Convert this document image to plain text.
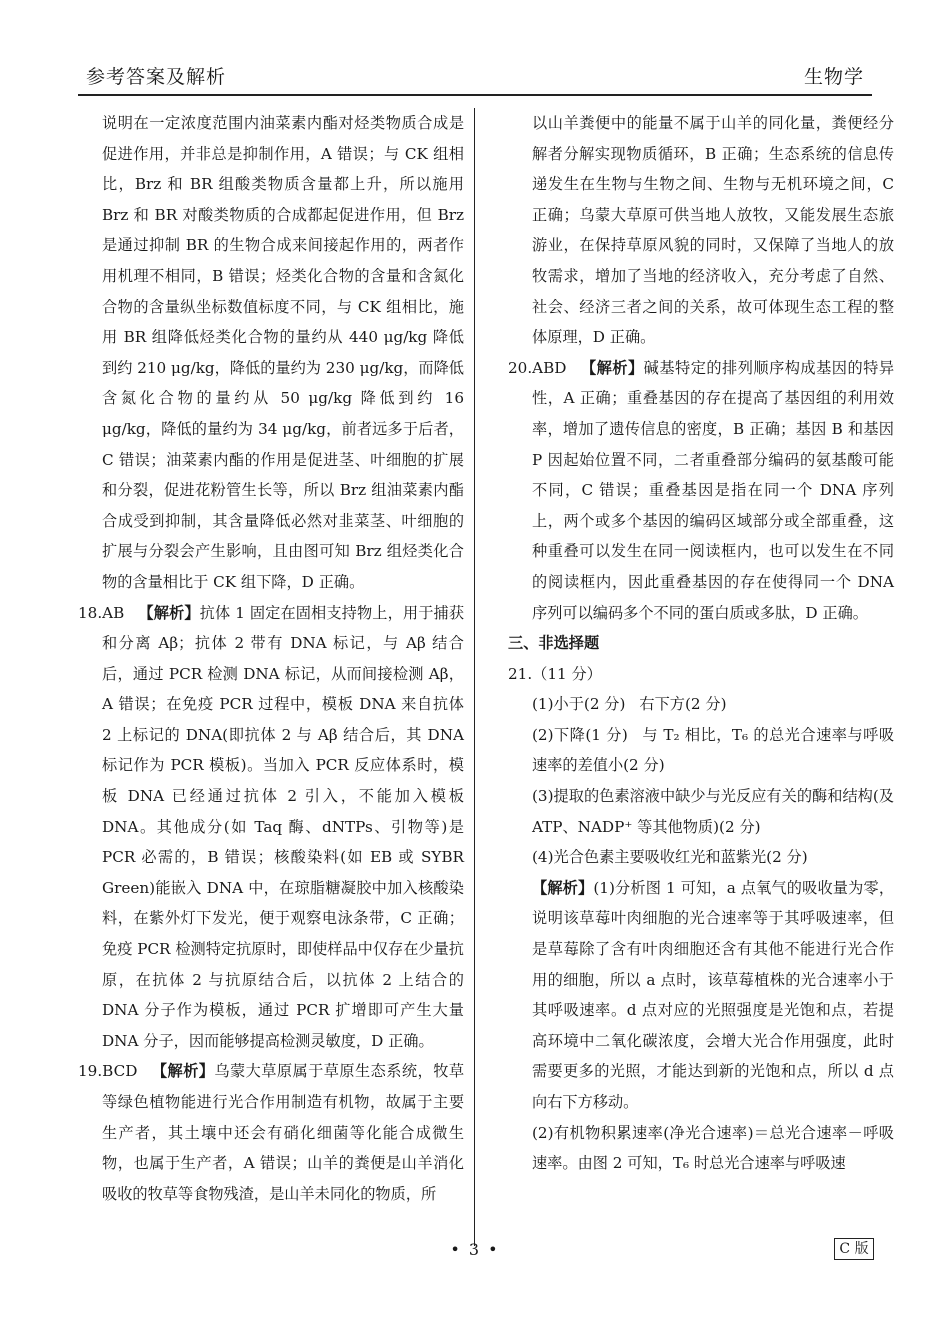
参考答案及解析	生物学

说明在一定浓度范围内油菜素内酯对烃类物质合成是促进作用，并非总是抑制作用，A 错误；与 CK 组相比，Brz 和 BR 组酸类物质含量都上升，所以施用 Brz 和 BR 对酸类物质的合成都起促进作用，但 Brz 是通过抑制 BR 的生物合成来间接起作用的，两者作用机理不相同，B 错误；烃类化合物的含量和含氮化合物的含量纵坐标数值标度不同，与 CK 组相比，施用 BR 组降低烃类化合物的量约从 440 μg/kg 降低到约 210 μg/kg，降低的量约为 230 μg/kg，而降低含氮化合物的量约从 50 μg/kg 降低到约 16 μg/kg，降低的量约为 34 μg/kg，前者远多于后者，C 错误；油菜素内酯的作用是促进茎、叶细胞的扩展和分裂，促进花粉管生长等，所以 Brz 组油菜素内酯合成受到抑制，其含量降低必然对韭菜茎、叶细胞的扩展与分裂会产生影响，且由图可知 Brz 组烃类化合物的含量相比于 CK 组下降，D 正确。

18.AB 【解析】抗体 1 固定在固相支持物上，用于捕获和分离 Aβ；抗体 2 带有 DNA 标记，与 Aβ 结合后，通过 PCR 检测 DNA 标记，从而间接检测 Aβ，A 错误；在免疫 PCR 过程中，模板 DNA 来自抗体 2 上标记的 DNA(即抗体 2 与 Aβ 结合后，其 DNA 标记作为 PCR 模板)。当加入 PCR 反应体系时，模板 DNA 已经通过抗体 2 引入，不能加入模板 DNA。其他成分(如 Taq 酶、dNTPs、引物等)是 PCR 必需的，B 错误；核酸染料(如 EB 或 SYBR Green)能嵌入 DNA 中，在琼脂糖凝胶中加入核酸染料，在紫外灯下发光，便于观察电泳条带，C 正确；免疫 PCR 检测特定抗原时，即使样品中仅存在少量抗原，在抗体 2 与抗原结合后，以抗体 2 上结合的 DNA 分子作为模板，通过 PCR 扩增即可产生大量 DNA 分子，因而能够提高检测灵敏度，D 正确。

19.BCD 【解析】乌蒙大草原属于草原生态系统，牧草等绿色植物能进行光合作用制造有机物，故属于主要生产者，其土壤中还会有硝化细菌等化能合成微生物，也属于生产者，A 错误；山羊的粪便是山羊消化吸收的牧草等食物残渣，是山羊未同化的物质，所

以山羊粪便中的能量不属于山羊的同化量，粪便经分解者分解实现物质循环，B 正确；生态系统的信息传递发生在生物与生物之间、生物与无机环境之间，C 正确；乌蒙大草原可供当地人放牧，又能发展生态旅游业，在保持草原风貌的同时，又保障了当地人的放牧需求，增加了当地的经济收入，充分考虑了自然、社会、经济三者之间的关系，故可体现生态工程的整体原理，D 正确。

20.ABD 【解析】碱基特定的排列顺序构成基因的特异性，A 正确；重叠基因的存在提高了基因组的利用效率，增加了遗传信息的密度，B 正确；基因 B 和基因 P 因起始位置不同，二者重叠部分编码的氨基酸可能不同，C 错误；重叠基因是指在同一个 DNA 序列上，两个或多个基因的编码区域部分或全部重叠，这种重叠可以发生在同一阅读框内，也可以发生在不同的阅读框内，因此重叠基因的存在使得同一个 DNA 序列可以编码多个不同的蛋白质或多肽，D 正确。

三、非选择题

21.（11 分）

(1)小于(2 分) 右下方(2 分)

(2)下降(1 分) 与 T₂ 相比，T₆ 的总光合速率与呼吸速率的差值小(2 分)

(3)提取的色素溶液中缺少与光反应有关的酶和结构(及 ATP、NADP⁺ 等其他物质)(2 分)

(4)光合色素主要吸收红光和蓝紫光(2 分)

【解析】(1)分析图 1 可知，a 点氧气的吸收量为零，说明该草莓叶肉细胞的光合速率等于其呼吸速率，但是草莓除了含有叶肉细胞还含有其他不能进行光合作用的细胞，所以 a 点时，该草莓植株的光合速率小于其呼吸速率。d 点对应的光照强度是光饱和点，若提高环境中二氧化碳浓度，会增大光合作用强度，此时需要更多的光照，才能达到新的光饱和点，所以 d 点向右下方移动。

(2)有机物积累速率(净光合速率)＝总光合速率－呼吸速率。由图 2 可知，T₆ 时总光合速率与呼吸速

• 3 •	C 版
